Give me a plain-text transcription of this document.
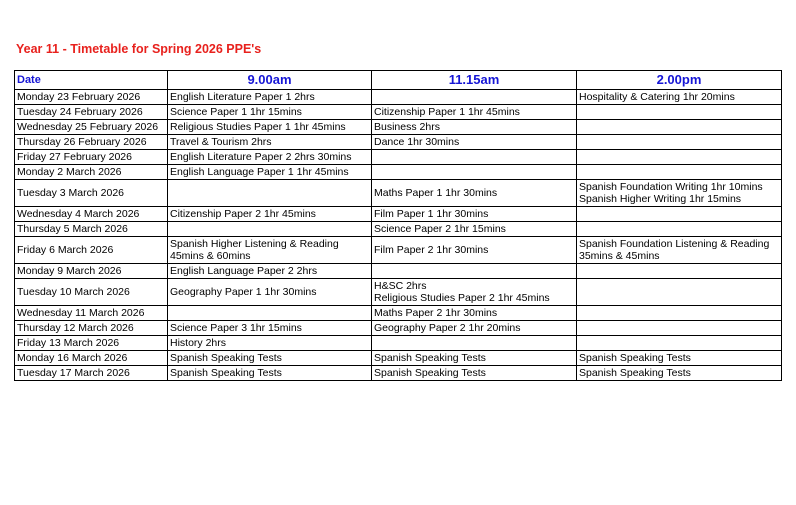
Year 11 - Timetable for Spring 2026 PPE's
Date	9.00am	11.15am	2.00pm
Monday 23 February 2026	English Literature Paper 1 2hrs		Hospitality & Catering 1hr 20mins

Tuesday 24 February 2026	Science Paper 1 1hr 15mins	Citizenship Paper 1 1hr 45mins	

Wednesday 25 February 2026	Religious Studies Paper 1 1hr 45mins	Business 2hrs	

Thursday 26 February 2026	Travel & Tourism 2hrs	Dance 1hr 30mins	

Friday 27 February 2026	English Literature Paper 2 2hrs 30mins		

Monday 2 March 2026	English Language Paper 1 1hr 45mins		

Tuesday 3 March 2026		Maths Paper 1 1hr 30mins	Spanish Foundation Writing 1hr 10mins
Spanish Higher Writing 1hr 15mins

Wednesday 4 March 2026	Citizenship Paper 2 1hr 45mins	Film Paper 1 1hr 30mins	

Thursday 5 March 2026		Science Paper 2 1hr 15mins	

Friday 6 March 2026	Spanish Higher Listening & Reading
45mins & 60mins	Film Paper 2 1hr 30mins	Spanish Foundation Listening & Reading
35mins & 45mins

Monday 9 March 2026	English Language Paper 2 2hrs		

Tuesday 10 March 2026	Geography Paper 1 1hr 30mins	H&SC 2hrs
Religious Studies Paper 2 1hr 45mins	

Wednesday 11 March 2026		Maths Paper 2 1hr 30mins	

Thursday 12 March 2026	Science Paper 3 1hr 15mins	Geography Paper 2 1hr 20mins	

Friday 13 March 2026	History 2hrs		

Monday 16 March 2026	Spanish Speaking Tests	Spanish Speaking Tests	Spanish Speaking Tests

Tuesday 17 March 2026	Spanish Speaking Tests	Spanish Speaking Tests	Spanish Speaking Tests
